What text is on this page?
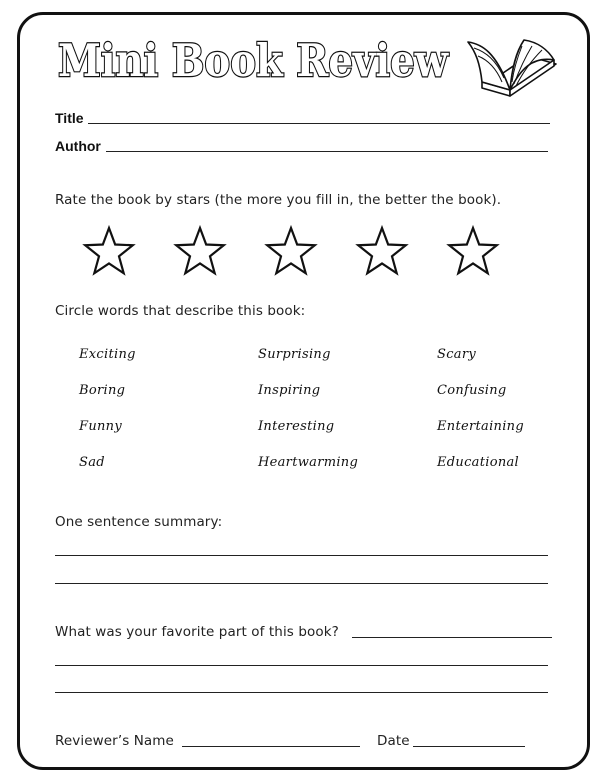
Mini Book Review
Title
Author
Rate the book by stars (the more you fill in, the better the book).
Circle words that describe this book:
Exciting
Boring
Funny
Sad
Surprising
Inspiring
Interesting
Heartwarming
Scary
Confusing
Entertaining
Educational
One sentence summary:
What was your favorite part of this book?
Reviewer’s Name	Date
